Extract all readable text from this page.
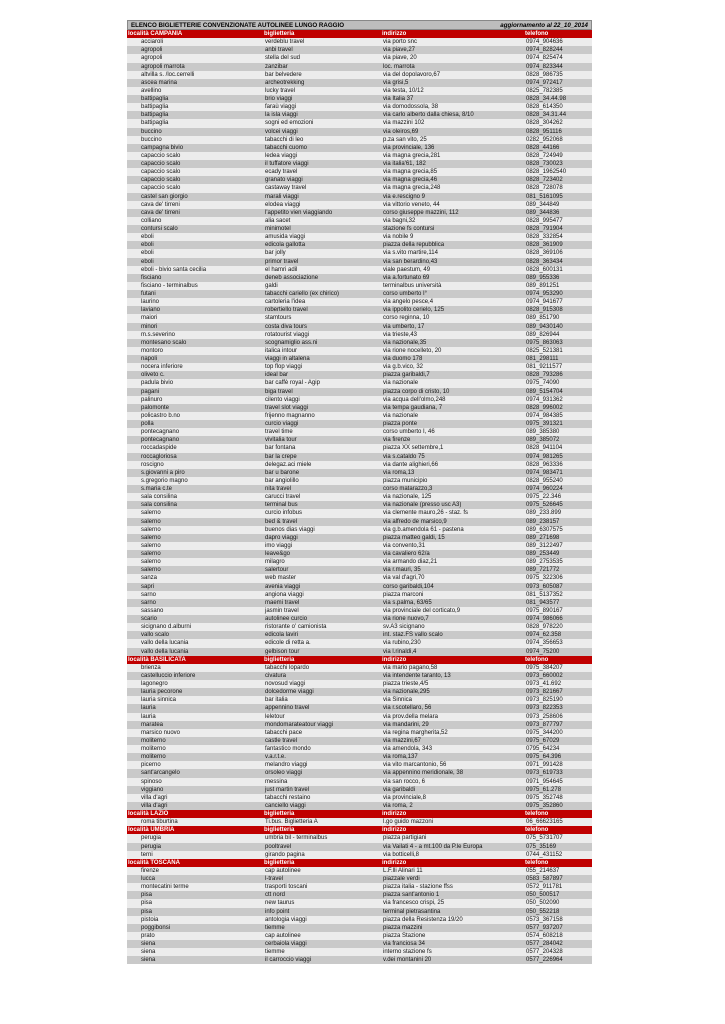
ELENCO BIGLIETTERIE CONVENZIONATE AUTOLINEE LUNGO RAGGIO	aggiornamento al 22_10_2014
località CAMPANIA	biglietteria	indirizzo	telefono
acciaroli	verdeblu travel	via porto snc	0974_904636
agropoli	anbi travel	via piave,27	0974_828244
agropoli	stella del sud	via piave, 20	0974_825474
agropoli marrota	zanzibar	loc. marrota	0974_823344
altvilla s. /loc.cerrelli	bar belvedere	via del dopolavoro,67	0828_986735
ascea marina	archeotrekking	via grisi,5	0974_972417
avellino	lucky travel	via testa, 10/12	0825_782385
battipaglia	brio viaggi	via Italia 37	0828_34.44.98
battipaglia	faraù viaggi	via domodossola, 38	0828_614350
battipaglia	la isla viaggi	via carlo alberto dalla chiesa, 8/10	0828_34.31.44
battipaglia	sogni ed emozioni	via mazzini 102	0828_304262
buccino	volcei viaggi	via oleiros,69	0828_951116
buccino	tabacchi di leo	p.za san vito, 25	0282_952068
campagna bivio	tabacchi cuomo	via provinciale, 136	0828_44166
capaccio scalo	ledea viaggi	via magna grecia,281	0828_724949
capaccio scalo	il tuffatore viaggi	via italia'61, 182	0828_730023
capaccio scalo	ecady travel	via magna grecia,85	0828_1962540
capaccio scalo	granato viaggi	via magna grecia,46	0828_723402
capaccio scalo	castaway travel	via magna grecia,248	0828_728078
castel san giorgio	marali viaggi	via e.rescigno 9	081_5161095
cava de' tirreni	elodea viaggi	via vittorio veneto, 44	089_344849
cava de' tirreni	l'appetito vien viaggiando	corso giuseppe mazzini, 112	089_344836
colliano	alia sacet	via bagni,32	0828_995477
contursi scalo	minimotel	stazione fs contursi	0828_791904
eboli	amusida viaggi	via nobile 9	0828_332854
eboli	edicola gallotta	piazza della repubblica	0828_361909
eboli	bar jolly	via s.vito martire,114	0828_369106
eboli	primor travel	via san berardino,43	0828_363434
eboli - bivio santa cecilia	el hamri adil	viale paestum, 49	0828_600131
fisciano	deneb associazione	via a.fortunato 69	089_955336
fisciano - terminalbus	galdi	terminalbus università	089_891251
futani	tabacchi cariello (ex chirico)	corso umberto I°	0974_953290
laurino	cartoleria l'idea	via angelo pesce,4	0974_941677
laviano	robertiello travel	via ippolito cerielo, 125	0828_915308
maiori	stamtours	corso reginna, 10	089_851790
minori	costa diva tours	via umberto, 17	089_9430140
m.s.severino	rotatourist viaggi	via trieste,43	089_826944
montesano scalo	scognamiglio ass.ni	via nazionale,35	0975_863063
montoro	italica intour	via rione nocelleto, 20	0825_521381
napoli	viaggi in altalena	via duomo 178	081_298111
nocera inferiore	top flop viaggi	via g.b.vico, 32	081_9211577
oliveto c.	ideal bar	piazza garibaldi,7	0828_793286
padula bivio	bar caffè royal - Agip	via nazionale	0975_74090
pagani	biga travel	piazza corpo di cristo, 10	089_5154704
palinuro	cilento viaggi	via acqua dell'olmo,248	0974_931362
palomonte	travel slot viaggi	via tempa gaudiana, 7	0828_996002
policastro b.no	frijenno magnanno	via nazionale	0974_984385
polla	curcio viaggi	piazza ponte	0975_391321
pontecagnano	travel time	corso umberto I, 46	089_385380
pontecagnano	vivitalia tour	via firenze	089_385072
roccadaspide	bar fontana	piazza XX settembre,1	0828_941104
roccagloriosa	bar la crepe	via s.cataldo 75	0974_981265
roscigno	delegaz.aci miele	via dante alighieri,66	0828_963336
s.giovanni a piro	bar u barone	via roma,13	0974_983471
s.gregorio magno	bar angiolillo	piazza municipio	0828_955240
s.maria c.te	nita travel	corso matarazzo,3	0974_960224
sala consilina	carucci travel	via nazionale, 125	0975_22.346
sala consilina	terminal bus	via nazionale (presso usc A3)	0975_526645
salerno	curcio infobus	via clemente mauro,26 - staz. fs	089_233.899
salerno	bed & travel	via alfredo de marsico,9	089_238157
salerno	buenos dias viaggi	via g.b.amendola 61 - pastena	089_6307575
salerno	dapro viaggi	piazza matteo galdi, 15	089_271698
salerno	imo viaggi	via convento,31	089_3122497
salerno	leave&go	via cavaliero 62/a	089_253449
salerno	milagro	via armando diaz,21	089_2753535
salerno	salertour	via r.mauri, 35	089_721772
sanza	web master	via val d'agri,70	0975_322306
sapri	avenia viaggi	corso garibaldi,104	0973_605087
sarno	angiona viaggi	piazza marconi	081_5137352
sarno	maemi travel	via s.palma, 63/65	081_943577
sassano	jasmin travel	via provinciale del corticato,9	0975_890167
scario	autolinee curcio	via rione nuovo,7	0974_986066
sicignano d.alburni	ristorante o' camionista	sv.A3 sicignano	0828_978220
vallo scalo	edicola laviri	int. staz.FS vallo scalo	0974_62.358
vallo della lucania	edicole di retta a.	via rubino,230	0974_356653
vallo della lucania	gelbison tour	via l.rinaldi,4	0974_75200
località BASILICATA	biglietteria	indirizzo	telefono
brienza	tabacchi lopardo	via mario pagano,58	0975_384207
castelluccio inferiore	civatura	via intendente taranto, 13	0973_660002
lagonegro	novosud viaggi	piazza trieste,4/5	0973_41.692
lauria pecorone	dolcedorme viaggi	via nazionale,295	0973_821667
lauria sinnica	bar italia	via Sinnica	0973_825190
lauria	appennino travel	via r.scotellaro, 56	0973_822353
lauria	leletour	via prov.della melara	0973_258606
maratea	mondomarateatour viaggi	via mandarini, 29	0973_877797
marsico nuovo	tabacchi pace	via regina margherita,52	0975_344200
moliterno	castle travel	via mazzini,67	0975_67029
moliterno	fantastico mondo	via amendola, 343	0795_64234
moliterno	v.a.r.t.e.	via roma,137	0975_64.396
picerno	melandro viaggi	via vito marcantonio, 56	0971_991428
sant'arcangelo	orsoleo viaggi	via appennino meridionale, 38	0973_619733
spinoso	messina	via san rocco, 6	0971_954645
viggiano	just martin travel	via garibaldi	0975_61.278
villa d'agri	tabacchi restaino	via provinciale,8	0975_352748
villa d'agri	canciello viaggi	via roma, 2	0975_352860
località LAZIO	biglietteria	indirizzo	telefono
roma tiburtina	Ti.bus. Biglietteria A	l.go guido mazzoni	06_66623165
località UMBRIA	biglietteria	indirizzo	telefono
perugia	umbria bil - terminalbus	piazza partigiani	075_5731707
perugia	pooltravel	via Vailati 4 - a mt.100 da P.le Europa	075_35169
terni	girando pagina	via botticelli,8	0744_431152
località TOSCANA	biglietteria	indirizzo	telefono
firenze	cap autolinee	L.F.lli Alinari 11	055_214637
lucca	l-travel	piazzale verdi	0583_587897
montecatini terme	trasporti toscani	piazza italia - stazione ffss	0572_911781
pisa	ctt nord	piazza sant'antonio 1	050_500517
pisa	new taurus	via francesco crispi, 25	050_502090
pisa	info point	terminal pietrasantina	050_552218
pistoia	antologia viaggi	piazza della Resistenza 19/20	0573_367158
poggibonsi	tiemme	piazza mazzini	0577_937207
prato	cap autolinee	piazza Stazione	0574_608218
siena	cerbaiola viaggi	via franciosa 34	0577_284042
siena	tiemme	interno stazione fs	0577_204328
siena	il carroccio viaggi	v.dei montanini 20	0577_226964
